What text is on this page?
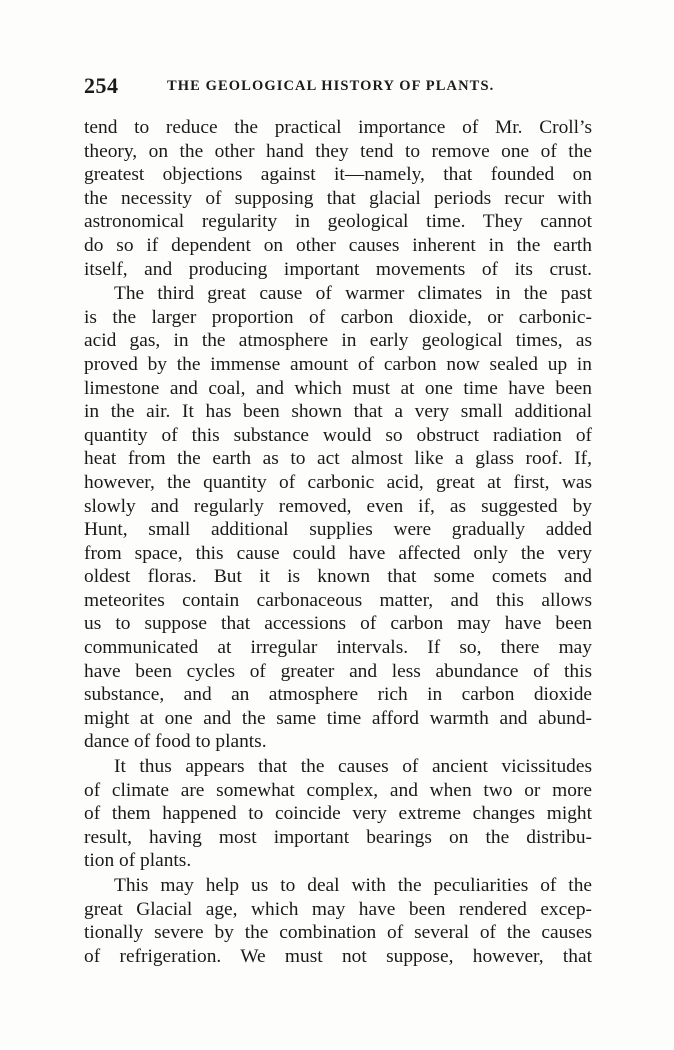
254	THE GEOLOGICAL HISTORY OF PLANTS.
tend to reduce the practical importance of Mr. Croll’s
theory, on the other hand they tend to remove one of the
greatest objections against it—namely, that founded on
the necessity of supposing that glacial periods recur with
astronomical regularity in geological time. They cannot
do so if dependent on other causes inherent in the earth
itself, and producing important movements of its crust.
The third great cause of warmer climates in the past
is the larger proportion of carbon dioxide, or carbonic-
acid gas, in the atmosphere in early geological times, as
proved by the immense amount of carbon now sealed up in
limestone and coal, and which must at one time have been
in the air. It has been shown that a very small additional
quantity of this substance would so obstruct radiation of
heat from the earth as to act almost like a glass roof. If,
however, the quantity of carbonic acid, great at first, was
slowly and regularly removed, even if, as suggested by
Hunt, small additional supplies were gradually added
from space, this cause could have affected only the very
oldest floras. But it is known that some comets and
meteorites contain carbonaceous matter, and this allows
us to suppose that accessions of carbon may have been
communicated at irregular intervals. If so, there may
have been cycles of greater and less abundance of this
substance, and an atmosphere rich in carbon dioxide
might at one and the same time afford warmth and abund-
dance of food to plants.
It thus appears that the causes of ancient vicissitudes
of climate are somewhat complex, and when two or more
of them happened to coincide very extreme changes might
result, having most important bearings on the distribu-
tion of plants.
This may help us to deal with the peculiarities of the
great Glacial age, which may have been rendered excep-
tionally severe by the combination of several of the causes
of refrigeration. We must not suppose, however, that
